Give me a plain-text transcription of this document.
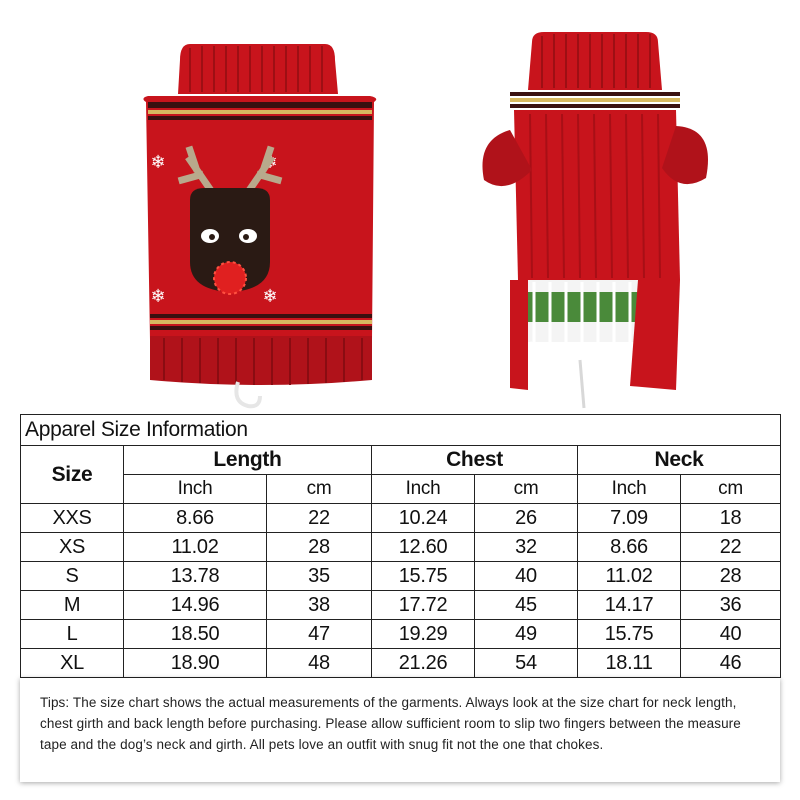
❄	❄
❄	❄
Apparel Size Information						
Size	Length		Chest		Neck	
	Inch	cm	Inch	cm	Inch	cm
XXS	8.66	22	10.24	26	7.09	18
XS	11.02	28	12.60	32	8.66	22
S	13.78	35	15.75	40	11.02	28
M	14.96	38	17.72	45	14.17	36
L	18.50	47	19.29	49	15.75	40
XL	18.90	48	21.26	54	18.11	46
Tips: The size chart shows the actual measurements of the garments. Always look at the size chart for neck length, chest girth and back length before purchasing. Please allow sufficient room to slip two fingers between the measure tape and the dog’s neck and girth. All pets love an outfit with snug fit not the one that chokes.
